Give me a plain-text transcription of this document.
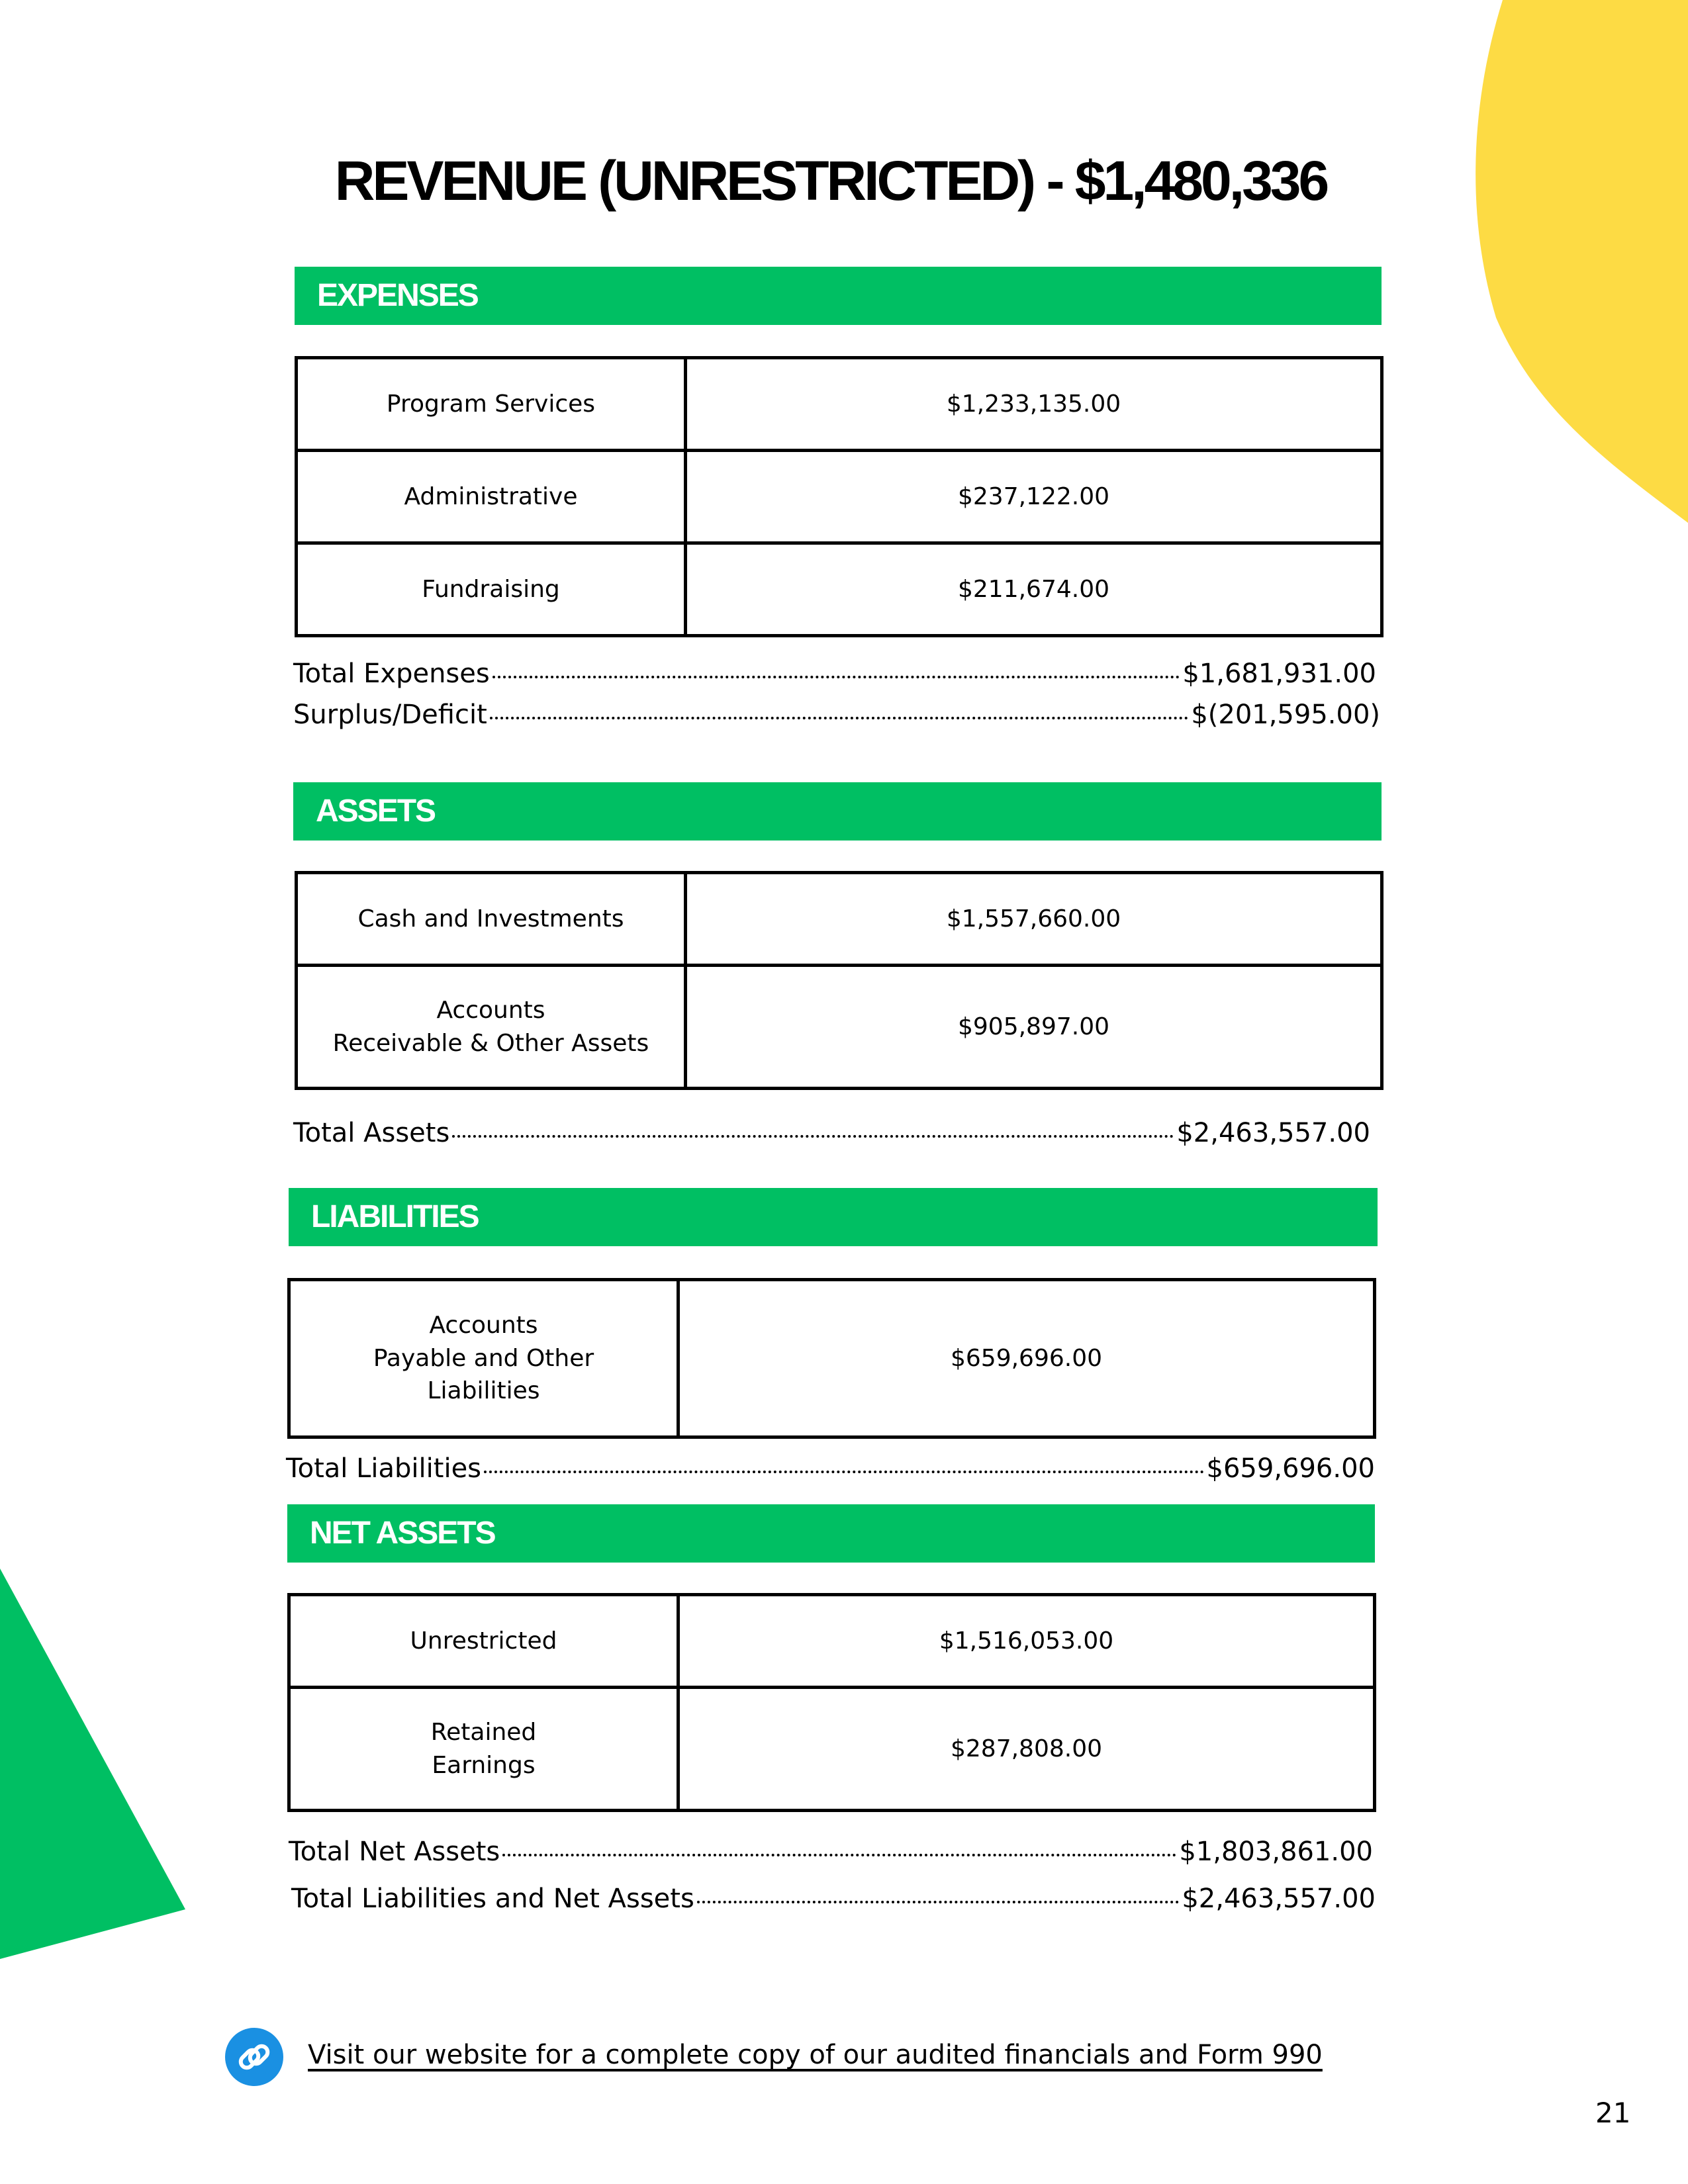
REVENUE (UNRESTRICTED) - $1,480,336
EXPENSES
Program Services	$1,233,135.00
Administrative	$237,122.00
Fundraising	$211,674.00
Total Expenses	$1,681,931.00
Surplus/Deficit	$(201,595.00)
ASSETS
Cash and Investments	$1,557,660.00
Accounts
Receivable & Other Assets	$905,897.00
Total Assets	$2,463,557.00
LIABILITIES
Accounts
Payable and Other
Liabilities	$659,696.00
Total Liabilities	$659,696.00
NET ASSETS
Unrestricted	$1,516,053.00
Retained
Earnings	$287,808.00
Total Net Assets	$1,803,861.00
Total Liabilities and Net Assets	$2,463,557.00
Visit our website for a complete copy of our audited financials and Form 990
21
